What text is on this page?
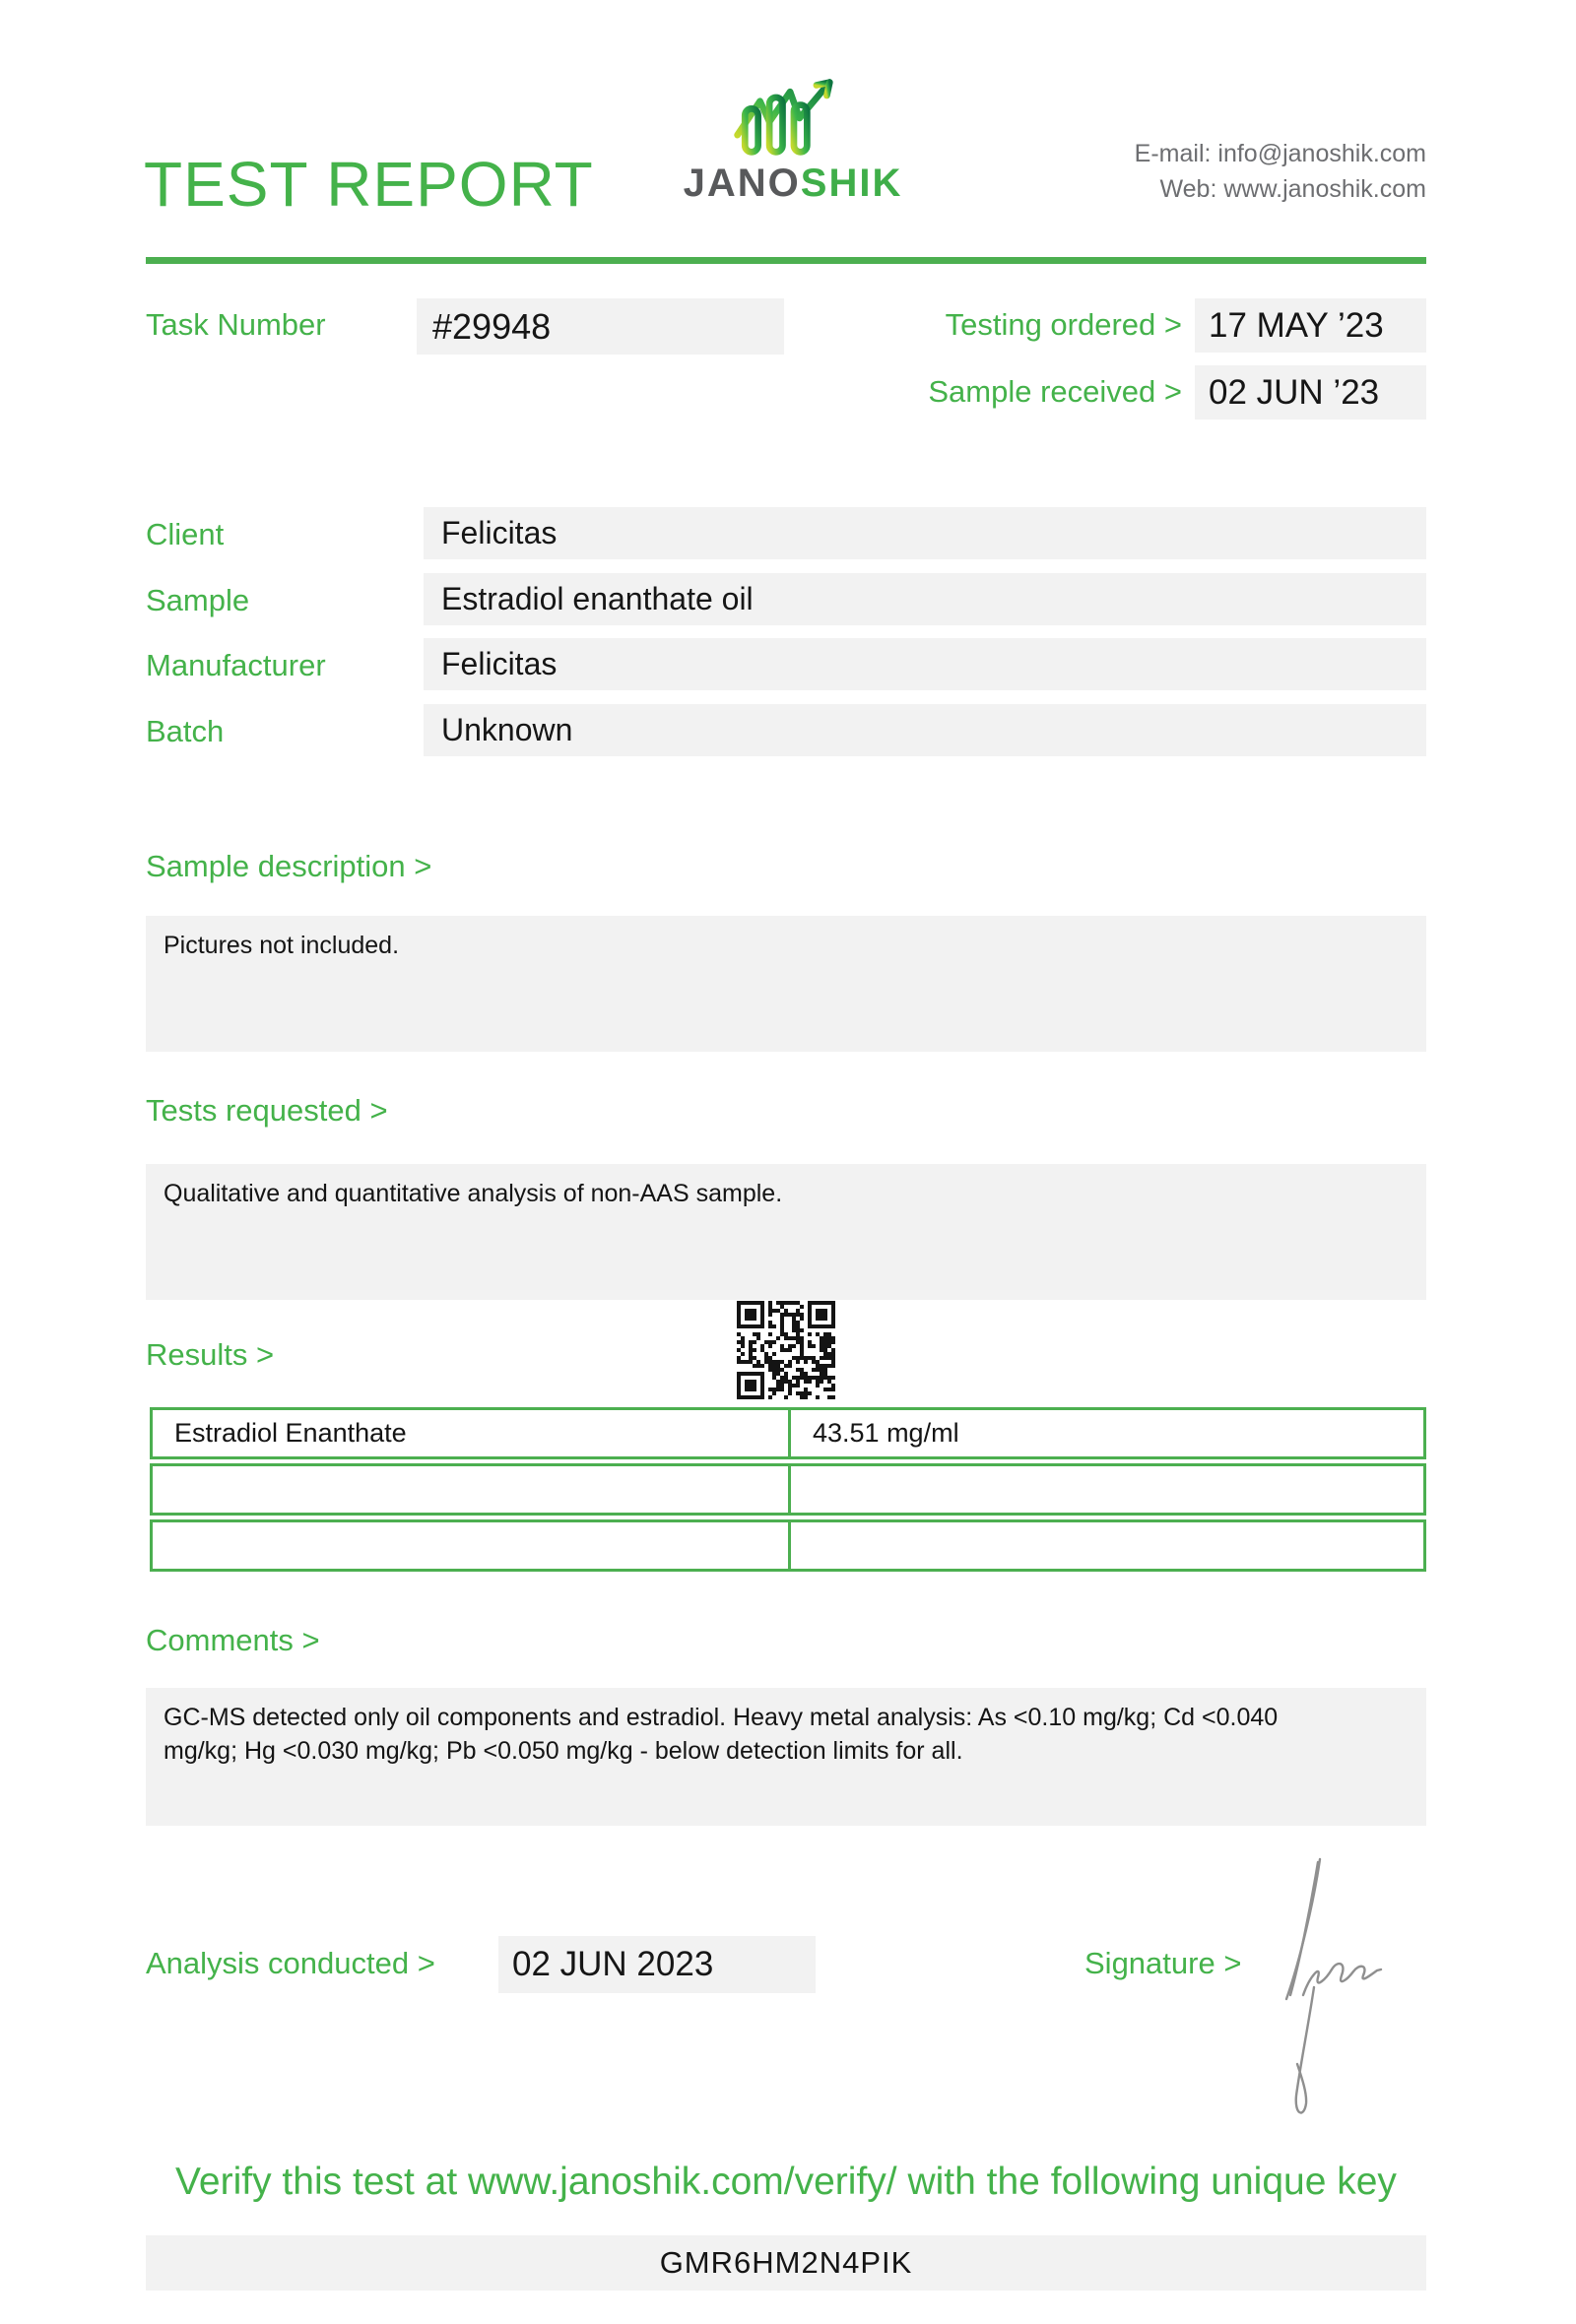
TEST REPORT	JANOSHIK
E-mail: info@janoshik.com
Web: www.janoshik.com
Task Number	#29948	Testing ordered > 17 MAY ’23
Sample received > 02 JUN ’23
Client	Felicitas
Sample	Estradiol enanthate oil
Manufacturer	Felicitas
Batch	Unknown
Sample description >
Pictures not included.
Tests requested >
Qualitative and quantitative analysis of non-AAS sample.
Results >
Estradiol Enanthate	43.51 mg/ml
Comments >
GC-MS detected only oil components and estradiol. Heavy metal analysis: As <0.10 mg/kg; Cd <0.040 mg/kg; Hg <0.030 mg/kg; Pb <0.050 mg/kg - below detection limits for all.
Analysis conducted >	02 JUN 2023	Signature >
Verify this test at www.janoshik.com/verify/ with the following unique key
GMR6HM2N4PIK
